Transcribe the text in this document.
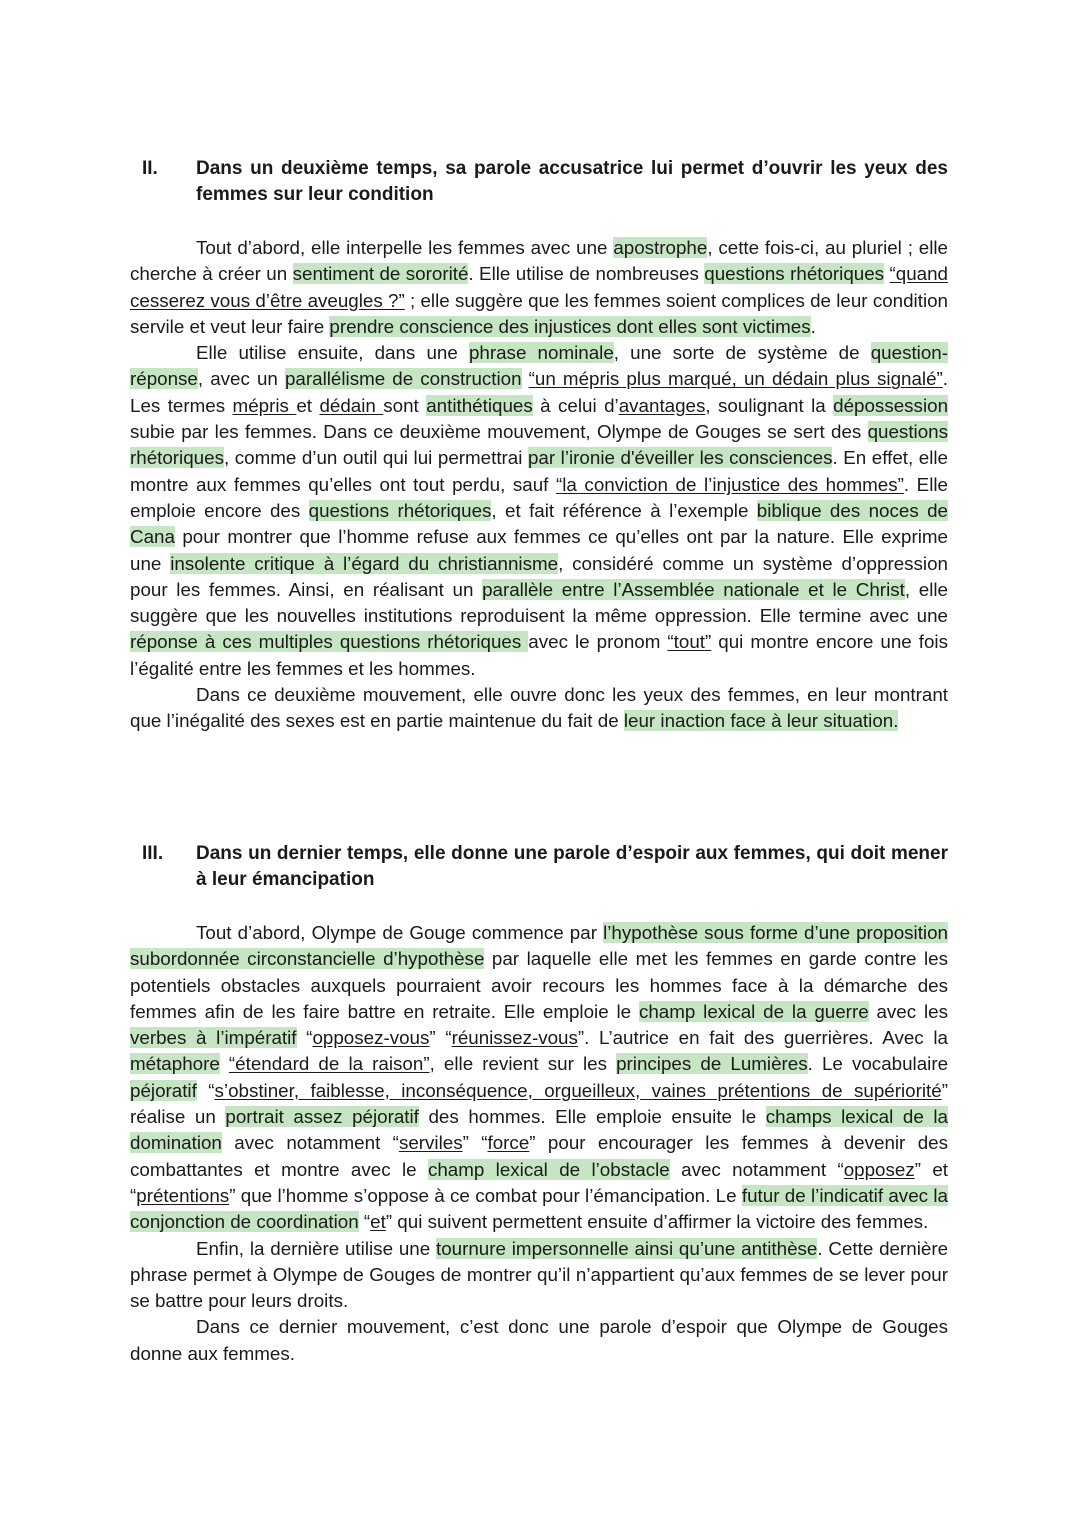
II. Dans un deuxième temps, sa parole accusatrice lui permet d’ouvrir les yeux des femmes sur leur condition

Tout d’abord, elle interpelle les femmes avec une apostrophe, cette fois-ci, au pluriel ; elle cherche à créer un sentiment de sororité. Elle utilise de nombreuses questions rhétoriques “quand cesserez vous d’être aveugles ?” ; elle suggère que les femmes soient complices de leur condition servile et veut leur faire prendre conscience des injustices dont elles sont victimes.

Elle utilise ensuite, dans une phrase nominale, une sorte de système de question-réponse, avec un parallélisme de construction “un mépris plus marqué, un dédain plus signalé”. Les termes mépris et dédain sont antithétiques à celui d’avantages, soulignant la dépossession subie par les femmes. Dans ce deuxième mouvement, Olympe de Gouges se sert des questions rhétoriques, comme d’un outil qui lui permettrai par l’ironie d'éveiller les consciences. En effet, elle montre aux femmes qu’elles ont tout perdu, sauf “la conviction de l’injustice des hommes”. Elle emploie encore des questions rhétoriques, et fait référence à l’exemple biblique des noces de Cana pour montrer que l’homme refuse aux femmes ce qu’elles ont par la nature. Elle exprime une insolente critique à l’égard du christiannisme, considéré comme un système d’oppression pour les femmes. Ainsi, en réalisant un parallèle entre l’Assemblée nationale et le Christ, elle suggère que les nouvelles institutions reproduisent la même oppression. Elle termine avec une réponse à ces multiples questions rhétoriques avec le pronom “tout” qui montre encore une fois l’égalité entre les femmes et les hommes.

Dans ce deuxième mouvement, elle ouvre donc les yeux des femmes, en leur montrant que l’inégalité des sexes est en partie maintenue du fait de leur inaction face à leur situation.

III. Dans un dernier temps, elle donne une parole d’espoir aux femmes, qui doit mener à leur émancipation

Tout d’abord, Olympe de Gouge commence par l’hypothèse sous forme d’une proposition subordonnée circonstancielle d’hypothèse par laquelle elle met les femmes en garde contre les potentiels obstacles auxquels pourraient avoir recours les hommes face à la démarche des femmes afin de les faire battre en retraite. Elle emploie le champ lexical de la guerre avec les verbes à l’impératif “opposez-vous” “réunissez-vous”. L’autrice en fait des guerrières. Avec la métaphore “étendard de la raison”, elle revient sur les principes de Lumières. Le vocabulaire péjoratif “s’obstiner, faiblesse, inconséquence, orgueilleux, vaines prétentions de supériorité” réalise un portrait assez péjoratif des hommes. Elle emploie ensuite le champs lexical de la domination avec notamment “serviles” “force” pour encourager les femmes à devenir des combattantes et montre avec le champ lexical de l’obstacle avec notamment “opposez” et “prétentions” que l’homme s’oppose à ce combat pour l’émancipation. Le futur de l’indicatif avec la conjonction de coordination “et” qui suivent permettent ensuite d’affirmer la victoire des femmes.

Enfin, la dernière utilise une tournure impersonnelle ainsi qu’une antithèse. Cette dernière phrase permet à Olympe de Gouges de montrer qu’il n’appartient qu’aux femmes de se lever pour se battre pour leurs droits.

Dans ce dernier mouvement, c’est donc une parole d’espoir que Olympe de Gouges donne aux femmes.
